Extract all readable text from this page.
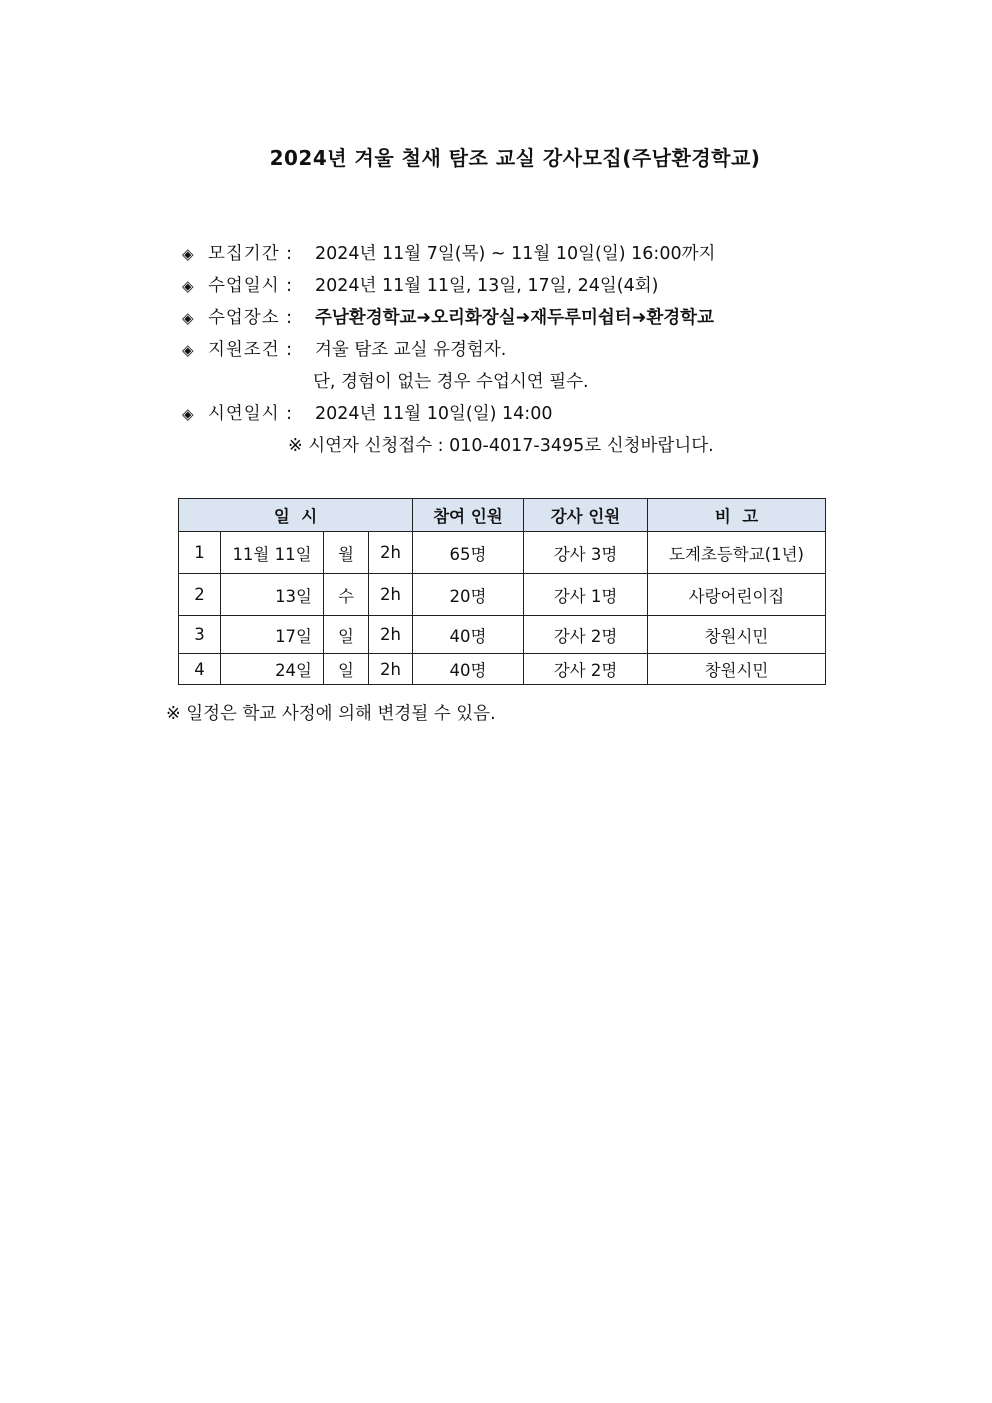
2024년 겨울 철새 탐조 교실 강사모집(주남환경학교)
◈ 모집기간 : 2024년 11월 7일(목) ~ 11월 10일(일) 16:00까지
◈ 수업일시 : 2024년 11월 11일, 13일, 17일, 24일(4회)
◈ 수업장소 : 주남환경학교➜오리화장실➜재두루미쉽터➜환경학교
◈ 지원조건 : 겨울 탐조 교실 유경험자.
단, 경험이 없는 경우 수업시연 필수.
◈ 시연일시 : 2024년 11월 10일(일) 14:00
※ 시연자 신청접수 : 010-4017-3495로 신청바랍니다.
일  시				참여 인원	강사 인원	비  고
1	11월 11일	월	2h	65명	강사 3명	도계초등학교(1년)
2	13일	수	2h	20명	강사 1명	사랑어린이집
3	17일	일	2h	40명	강사 2명	창원시민
4	24일	일	2h	40명	강사 2명	창원시민
※ 일정은 학교 사정에 의해 변경될 수 있음.
